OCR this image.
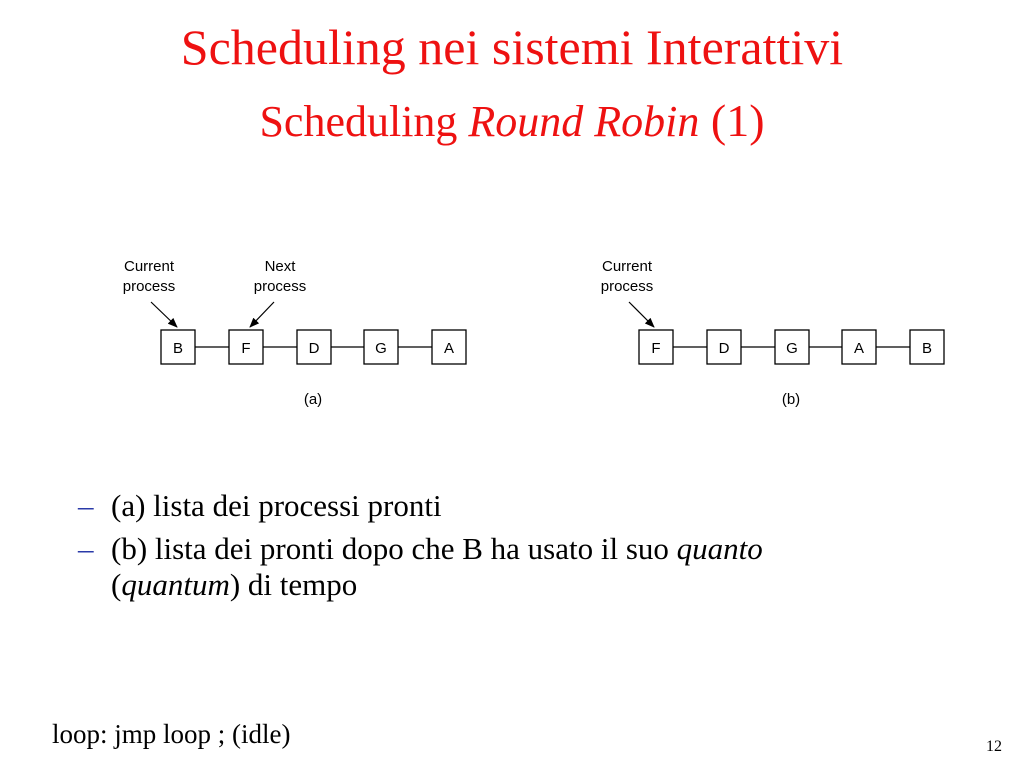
Scheduling nei sistemi Interattivi
Scheduling Round Robin (1)
Current
process
Next
process
B	F	D	G	A
(a)
Current
process
F	D	G	A	B
(b)
– (a) lista dei processi pronti
– (b) lista dei pronti dopo che B ha usato il suo quanto
(quantum) di tempo
loop: jmp loop ; (idle)	12
